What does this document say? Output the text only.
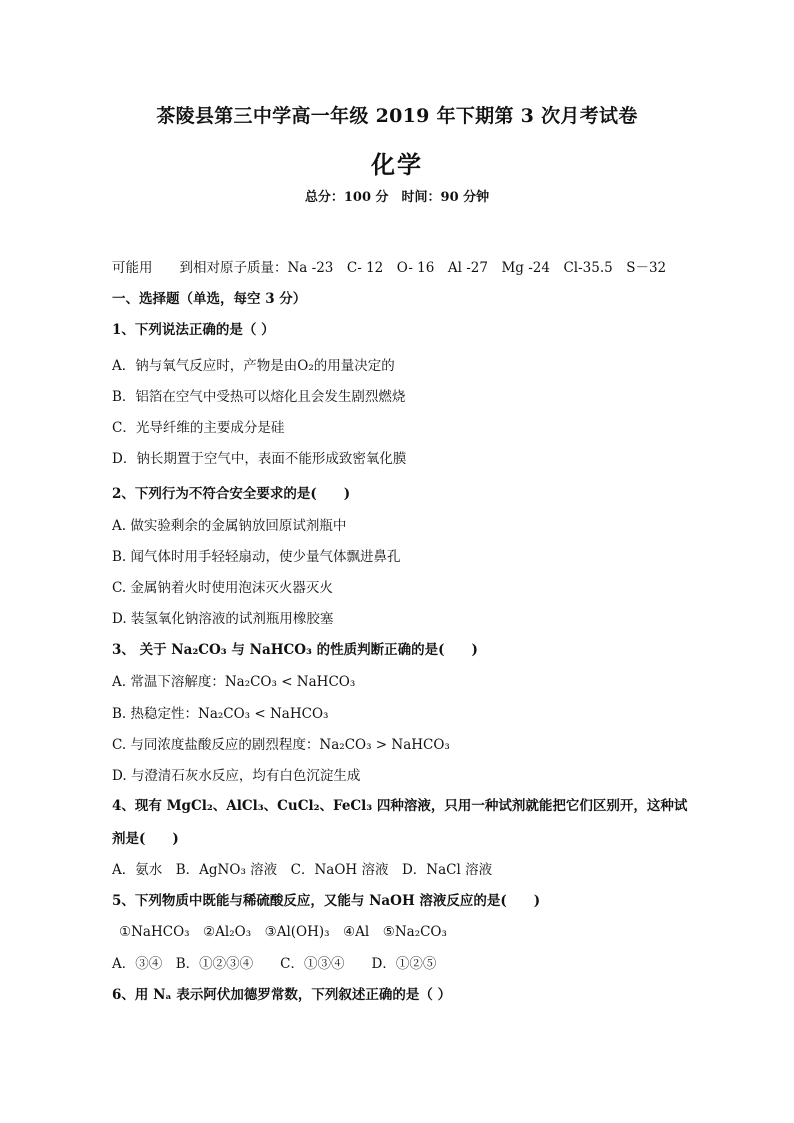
茶陵县第三中学高一年级 2019 年下期第 3 次月考试卷
化学
总分：100 分　时间：90 分钟
可能用　　到相对原子质量：Na -23　C- 12　O- 16　Al -27　Mg -24　Cl-35.5　S－32
一、选择题（单选，每空 3 分）
1、下列说法正确的是（ ）
A．钠与氧气反应时，产物是由O₂的用量决定的
B．铝箔在空气中受热可以熔化且会发生剧烈燃烧
C．光导纤维的主要成分是硅
D．钠长期置于空气中，表面不能形成致密氧化膜
2、下列行为不符合安全要求的是(　　)
A. 做实验剩余的金属钠放回原试剂瓶中
B. 闻气体时用手轻轻扇动，使少量气体飘进鼻孔
C. 金属钠着火时使用泡沫灭火器灭火
D. 装氢氧化钠溶液的试剂瓶用橡胶塞
3、 关于 Na₂CO₃ 与 NaHCO₃ 的性质判断正确的是(　　)
A. 常温下溶解度：Na₂CO₃ < NaHCO₃
B. 热稳定性：Na₂CO₃ < NaHCO₃
C. 与同浓度盐酸反应的剧烈程度：Na₂CO₃ > NaHCO₃
D. 与澄清石灰水反应，均有白色沉淀生成
4、现有 MgCl₂、AlCl₃、CuCl₂、FeCl₃ 四种溶液，只用一种试剂就能把它们区别开，这种试
剂是(　　)
A．氨水　B．AgNO₃ 溶液　C．NaOH 溶液　D．NaCl 溶液
5、下列物质中既能与稀硫酸反应，又能与 NaOH 溶液反应的是(　　)
①NaHCO₃　②Al₂O₃　③Al(OH)₃　④Al　⑤Na₂CO₃
A．③④　B．①②③④　　C．①③④　　D．①②⑤
6、用 Nₐ 表示阿伏加德罗常数，下列叙述正确的是（ ）
